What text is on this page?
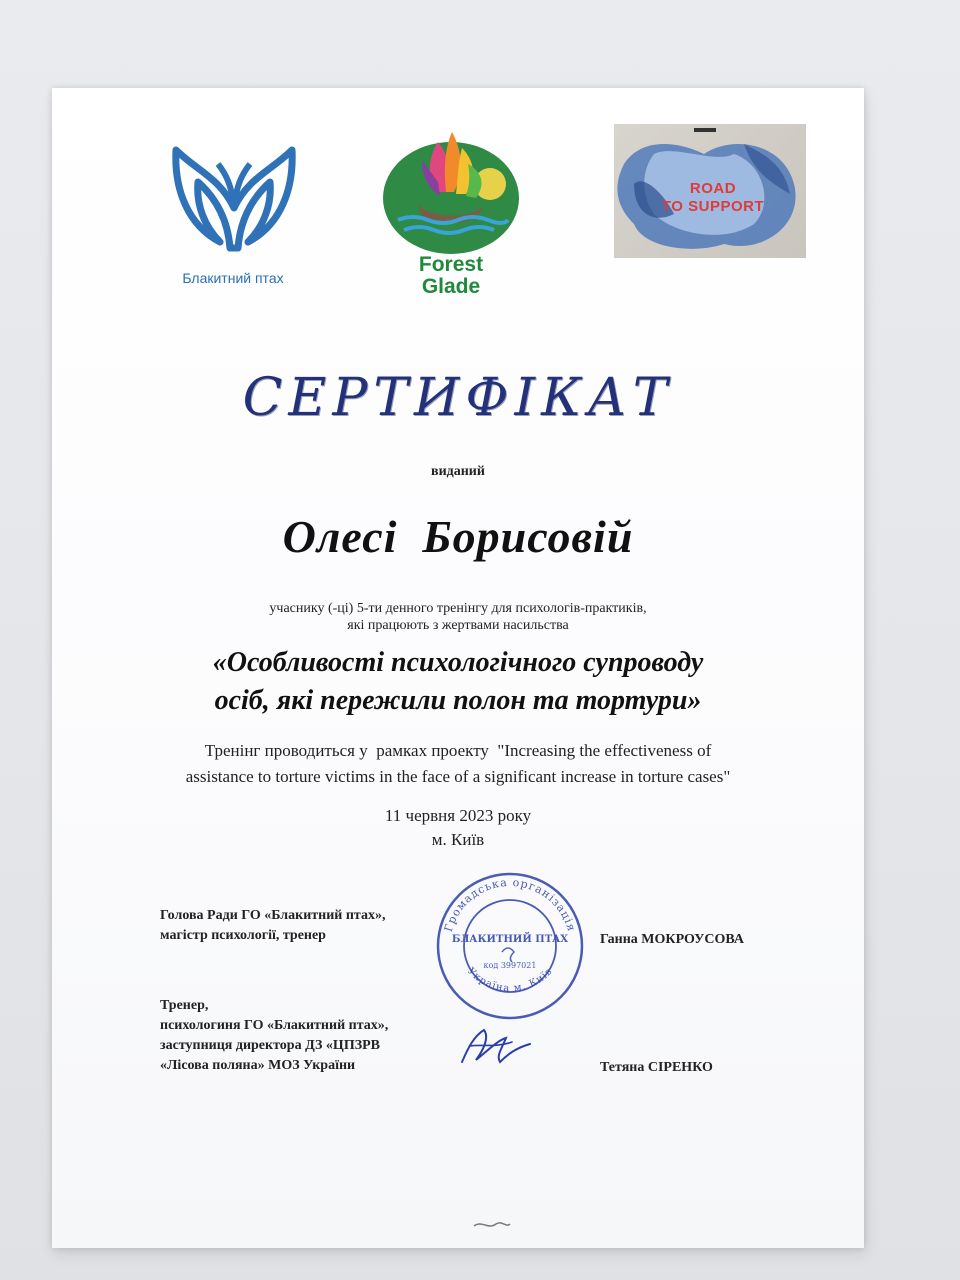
Блакитний птах
Forest
Glade
ROAD
TO SUPPORT
СЕРТИФІКАТ
виданий
Олесі  Борисовій
учаснику (-ці) 5-ти денного тренінгу для психологів-практиків,
які працюють з жертвами насильства
«Особливості психологічного супроводу
осіб, які пережили полон та тортури»
Тренінг проводиться у  рамках проекту  "Increasing the effectiveness of
assistance to torture victims in the face of a significant increase in torture cases"
11 червня 2023 року
м. Київ
Голова Ради ГО «Блакитний птах»,
магістр психології, тренер	Ганна МОКРОУСОВА
Тренер,
психологиня ГО «Блакитний птах»,
заступниця директора ДЗ «ЦПЗРВ
«Лісова поляна» МОЗ України	Тетяна СІРЕНКО
Громадська організація
Україна м. Київ
БЛАКИТНИЙ ПТАХ
код 3997021
